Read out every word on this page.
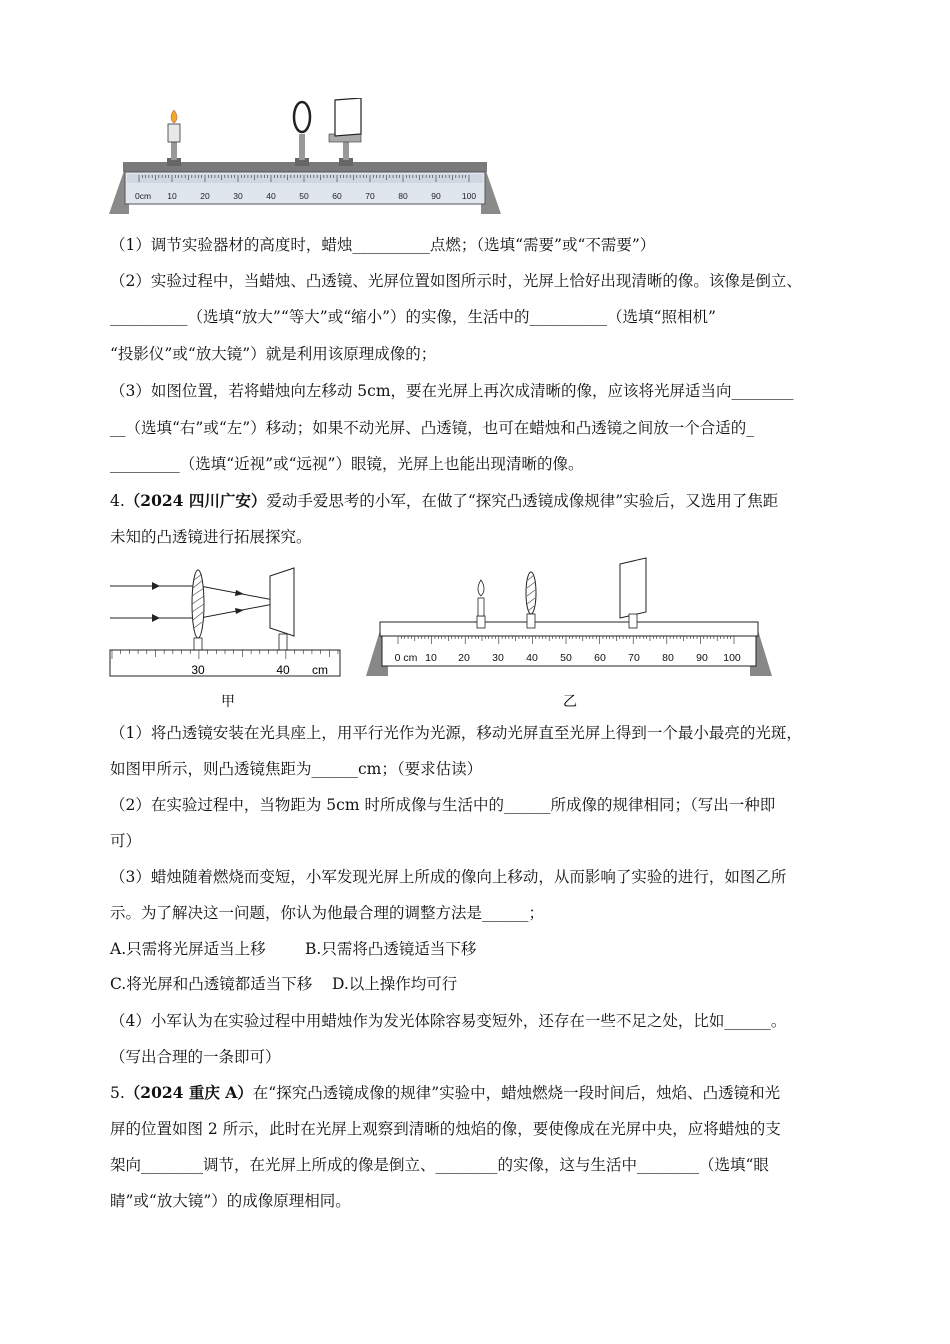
0cm 10	20	30	40	50	60	70	80	90 100
（1）调节实验器材的高度时，蜡烛__________点燃；（选填“需要”或“不需要”）
（2）实验过程中，当蜡烛、凸透镜、光屏位置如图所示时，光屏上恰好出现清晰的像。该像是倒立、
__________（选填“放大”“等大”或“缩小”）的实像，生活中的__________（选填“照相机”
“投影仪”或“放大镜”）就是利用该原理成像的；
（3）如图位置，若将蜡烛向左移动 5cm，要在光屏上再次成清晰的像，应该将光屏适当向________
__（选填“右”或“左”）移动；如果不动光屏、凸透镜，也可在蜡烛和凸透镜之间放一个合适的_
_________（选填“近视”或“远视”）眼镜，光屏上也能出现清晰的像。
4.（2024 四川广安）爱动手爱思考的小军，在做了“探究凸透镜成像规律”实验后，又选用了焦距
未知的凸透镜进行拓展探究。
30	40 cm
甲
0 cm 10 20 30 40 50 60 70 80 90 100
乙
（1）将凸透镜安装在光具座上，用平行光作为光源，移动光屏直至光屏上得到一个最小最亮的光斑，
如图甲所示，则凸透镜焦距为______cm；（要求估读）
（2）在实验过程中，当物距为 5cm 时所成像与生活中的______所成像的规律相同；（写出一种即
可）
（3）蜡烛随着燃烧而变短，小军发现光屏上所成的像向上移动，从而影响了实验的进行，如图乙所
示。为了解决这一问题，你认为他最合理的调整方法是______；
A.只需将光屏适当上移        B.只需将凸透镜适当下移
C.将光屏和凸透镜都适当下移    D.以上操作均可行
（4）小军认为在实验过程中用蜡烛作为发光体除容易变短外，还存在一些不足之处，比如______。
（写出合理的一条即可）
5.（2024 重庆 A）在“探究凸透镜成像的规律”实验中，蜡烛燃烧一段时间后，烛焰、凸透镜和光
屏的位置如图 2 所示，此时在光屏上观察到清晰的烛焰的像，要使像成在光屏中央，应将蜡烛的支
架向________调节，在光屏上所成的像是倒立、________的实像，这与生活中________（选填“眼
睛”或“放大镜”）的成像原理相同。
